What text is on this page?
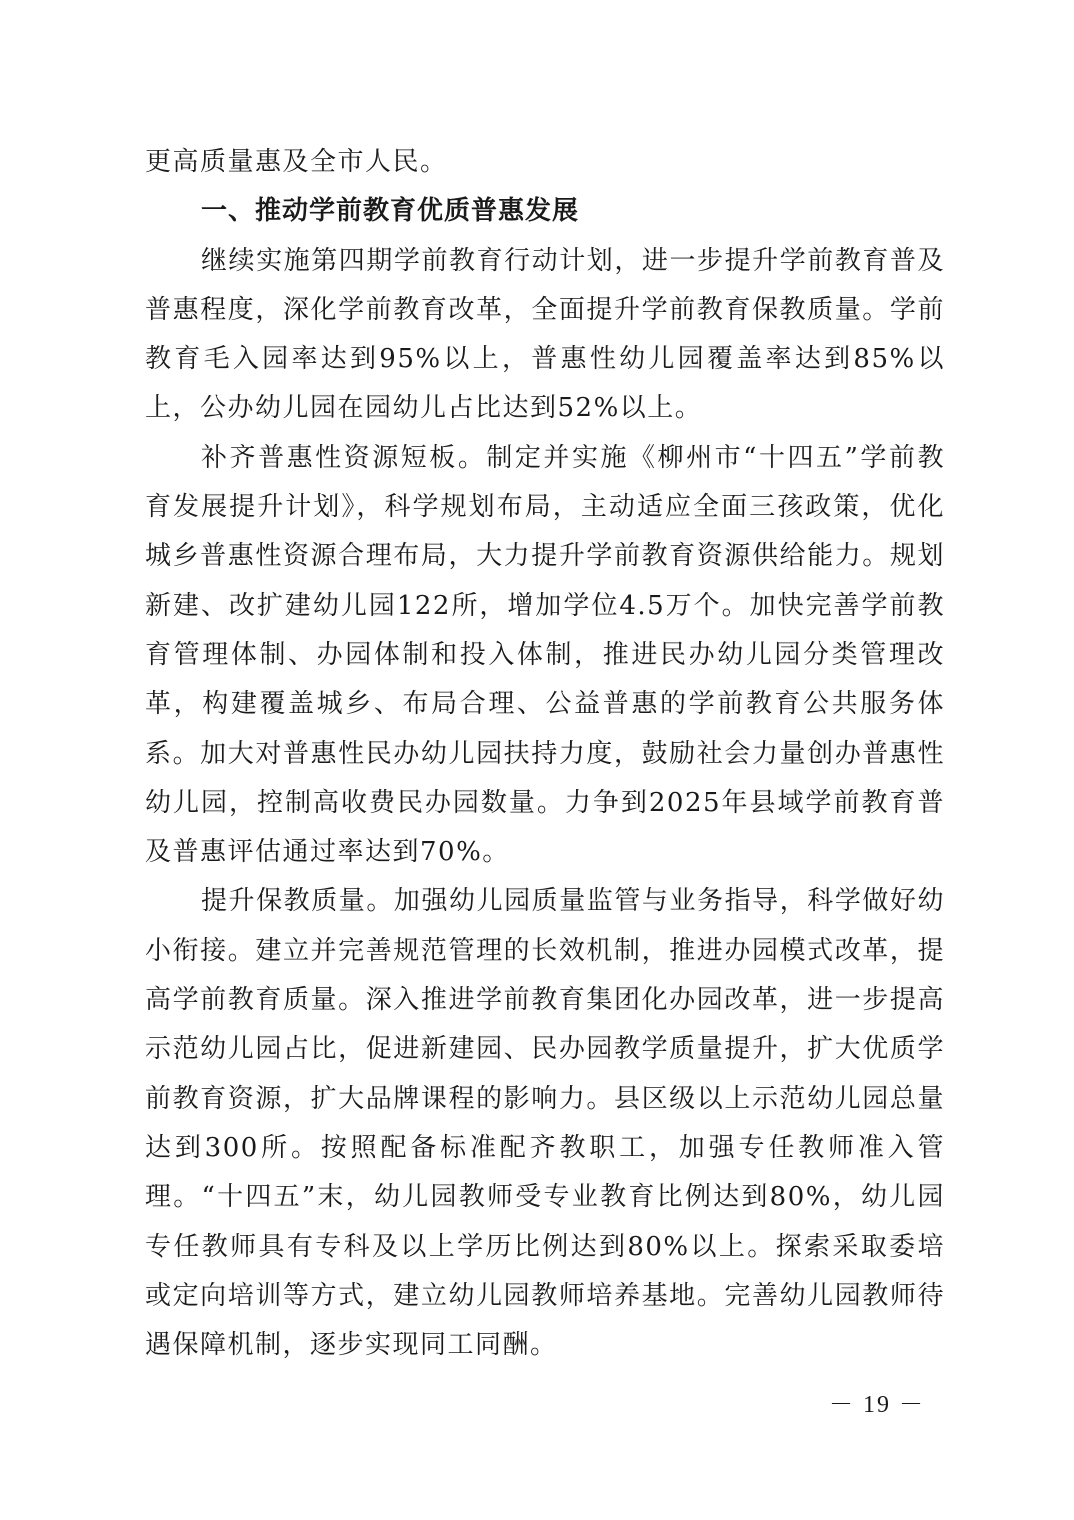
更高质量惠及全市人民。

一、推动学前教育优质普惠发展

继续实施第四期学前教育行动计划，进一步提升学前教育普及普惠程度，深化学前教育改革，全面提升学前教育保教质量。学前教育毛入园率达到95%以上，普惠性幼儿园覆盖率达到85%以上，公办幼儿园在园幼儿占比达到52%以上。

补齐普惠性资源短板。制定并实施《柳州市“十四五”学前教育发展提升计划》，科学规划布局，主动适应全面三孩政策，优化城乡普惠性资源合理布局，大力提升学前教育资源供给能力。规划新建、改扩建幼儿园122所，增加学位4.5万个。加快完善学前教育管理体制、办园体制和投入体制，推进民办幼儿园分类管理改革，构建覆盖城乡、布局合理、公益普惠的学前教育公共服务体系。加大对普惠性民办幼儿园扶持力度，鼓励社会力量创办普惠性幼儿园，控制高收费民办园数量。力争到2025年县域学前教育普及普惠评估通过率达到70%。

提升保教质量。加强幼儿园质量监管与业务指导，科学做好幼小衔接。建立并完善规范管理的长效机制，推进办园模式改革，提高学前教育质量。深入推进学前教育集团化办园改革，进一步提高示范幼儿园占比，促进新建园、民办园教学质量提升，扩大优质学前教育资源，扩大品牌课程的影响力。县区级以上示范幼儿园总量达到300所。按照配备标准配齐教职工，加强专任教师准入管理。“十四五”末，幼儿园教师受专业教育比例达到80%，幼儿园专任教师具有专科及以上学历比例达到80%以上。探索采取委培或定向培训等方式，建立幼儿园教师培养基地。完善幼儿园教师待遇保障机制，逐步实现同工同酬。

－ 19 －
